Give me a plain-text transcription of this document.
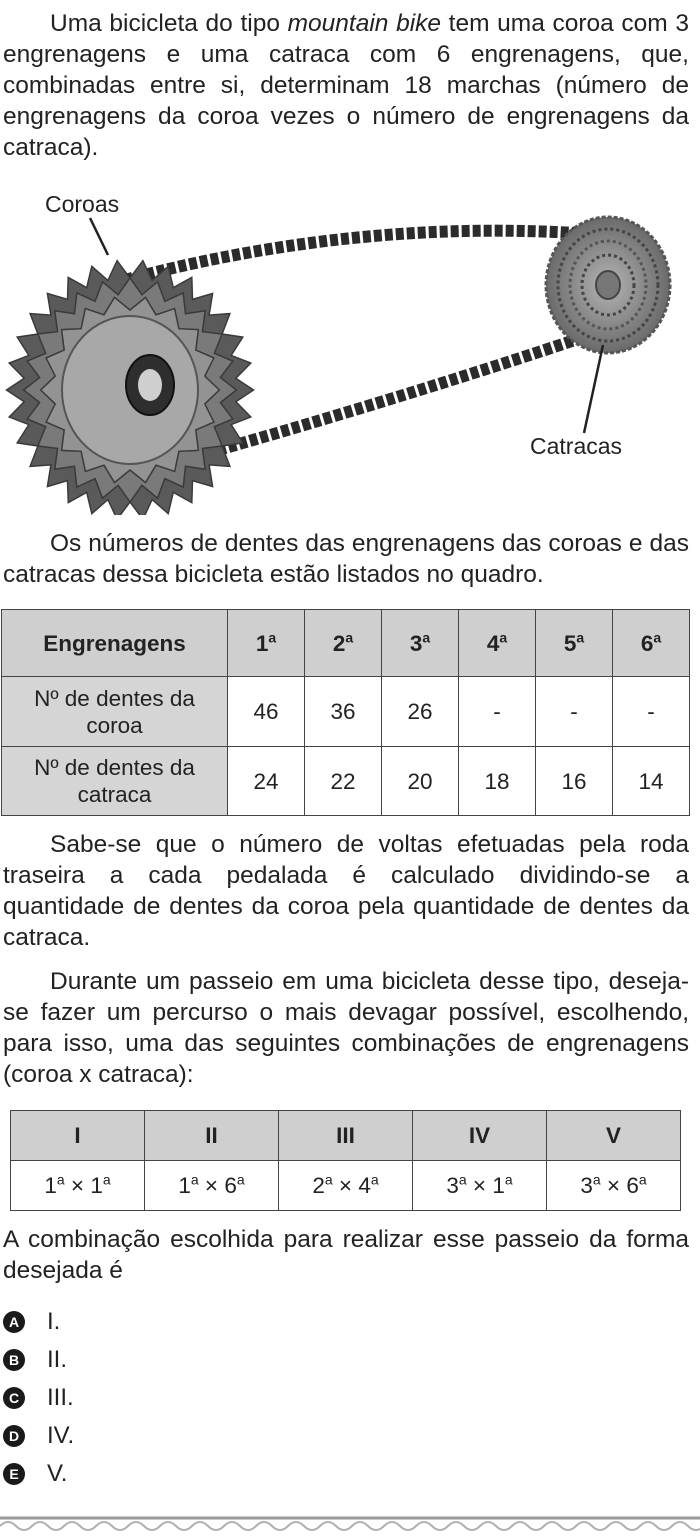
Uma bicicleta do tipo mountain bike tem uma coroa com 3 engrenagens e uma catraca com 6 engrenagens, que, combinadas entre si, determinam 18 marchas (número de engrenagens da coroa vezes o número de engrenagens da catraca).

Coroas
Catracas

Os números de dentes das engrenagens das coroas e das catracas dessa bicicleta estão listados no quadro.

Engrenagens	1$^a$	2$^a$	3$^a$	4$^a$	5$^a$	6$^a$
Nº de dentes da
coroa	46	36	26	-	-	-
Nº de dentes da
catraca	24	22	20	18	16	14

Sabe-se que o número de voltas efetuadas pela roda traseira a cada pedalada é calculado dividindo-se a quantidade de dentes da coroa pela quantidade de dentes da catraca.

Durante um passeio em uma bicicleta desse tipo, deseja-se fazer um percurso o mais devagar possível, escolhendo, para isso, uma das seguintes combinações de engrenagens (coroa x catraca):

I	II	III	IV	V
$1^a \times 1^a$	$1^a \times 6^a$	$2^a \times 4^a$	$3^a \times 1^a$	$3^a \times 6^a$

A combinação escolhida para realizar esse passeio da forma desejada é

A I.
B II.
C III.
D IV.
E V.
